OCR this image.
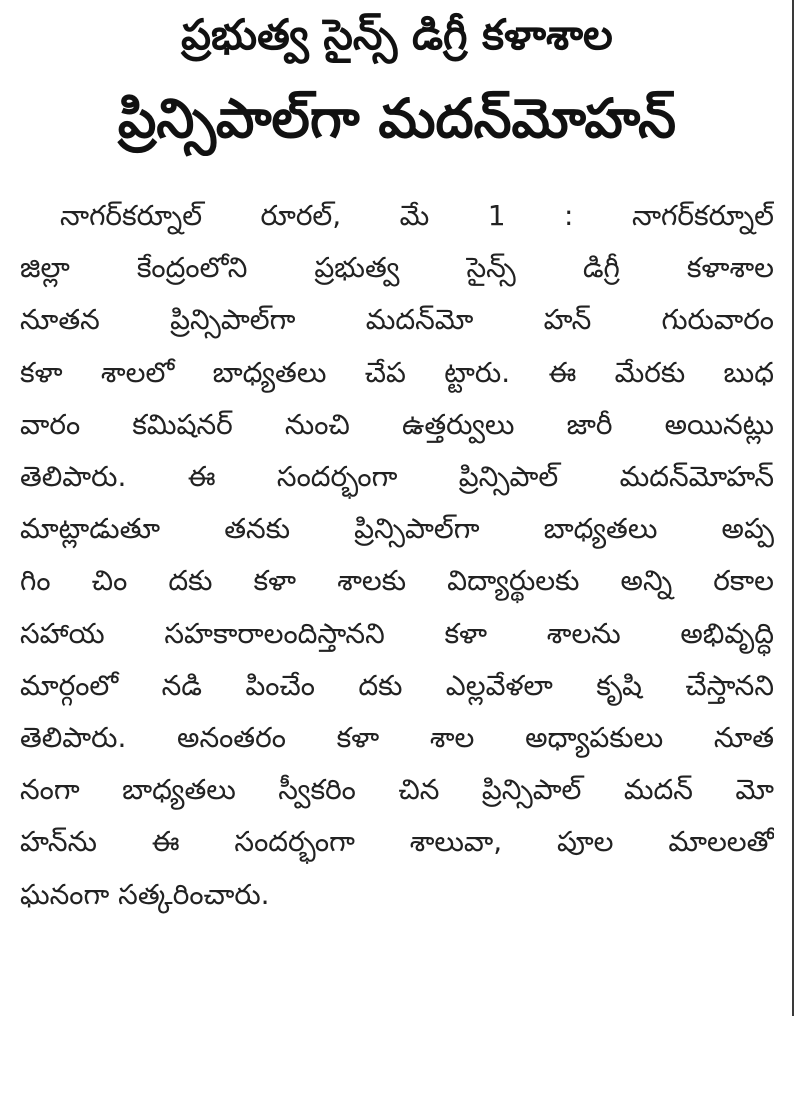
ప్రభుత్వ సైన్స్ డిగ్రీ కళాశాల
ప్రిన్సిపాల్‌గా మదన్‌మోహన్
నాగర్‌కర్నూల్ రూరల్, మే 1 : నాగర్‌కర్నూల్
జిల్లా కేంద్రంలోని ప్రభుత్వ సైన్స్ డిగ్రీ కళాశాల
నూతన ప్రిన్సిపాల్‌గా మదన్‌మో హన్ గురువారం
కళా శాలలో బాధ్యతలు చేప ట్టారు. ఈ మేరకు బుధ
వారం కమిషనర్ నుంచి ఉత్తర్వులు జారీ అయినట్లు
తెలిపారు. ఈ సందర్భంగా ప్రిన్సిపాల్ మదన్‌మోహన్
మాట్లాడుతూ తనకు ప్రిన్సిపాల్‌గా బాధ్యతలు అప్ప
గిం చిం దకు కళా శాలకు విద్యార్థులకు అన్ని రకాల
సహాయ సహకారాలందిస్తానని కళా శాలను అభివృద్ధి
మార్గంలో నడి పించేం దకు ఎల్లవేళలా కృషి చేస్తానని
తెలిపారు. అనంతరం కళా శాల అధ్యాపకులు నూత
నంగా బాధ్యతలు స్వీకరిం చిన ప్రిన్సిపాల్ మదన్ మో
హన్‌ను ఈ సందర్భంగా శాలువా, పూల మాలలతో
ఘనంగా సత్కరించారు.
